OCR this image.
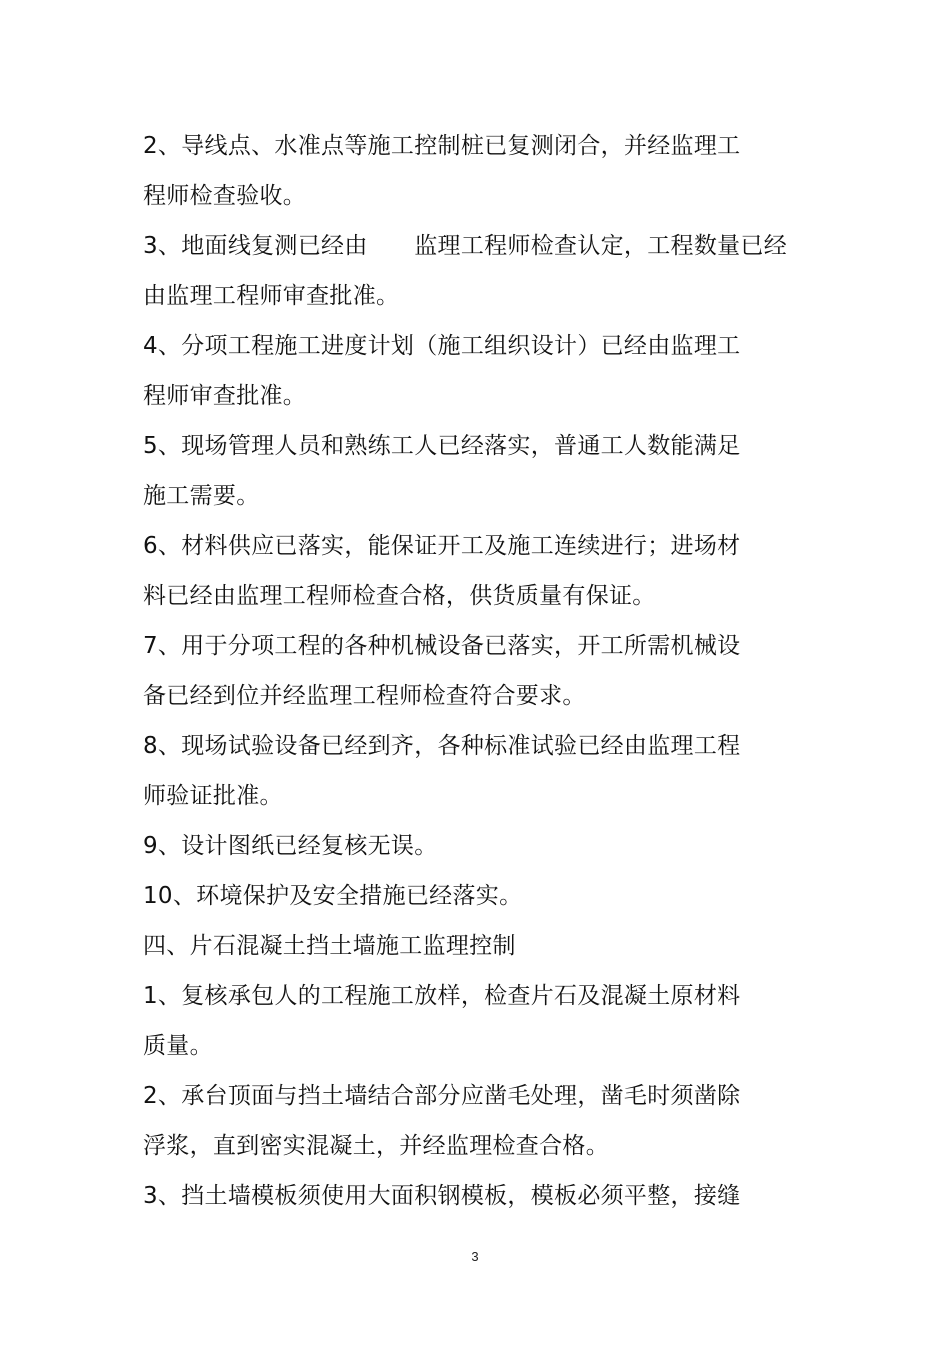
2、导线点、水准点等施工控制桩已复测闭合，并经监理工
程师检查验收。
3、地面线复测已经由　　监理工程师检查认定，工程数量已经
由监理工程师审查批准。
4、分项工程施工进度计划（施工组织设计）已经由监理工
程师审查批准。
5、现场管理人员和熟练工人已经落实，普通工人数能满足
施工需要。
6、材料供应已落实，能保证开工及施工连续进行；进场材
料已经由监理工程师检查合格，供货质量有保证。
7、用于分项工程的各种机械设备已落实，开工所需机械设
备已经到位并经监理工程师检查符合要求。
8、现场试验设备已经到齐，各种标准试验已经由监理工程
师验证批准。
9、设计图纸已经复核无误。
10、环境保护及安全措施已经落实。
四、片石混凝土挡土墙施工监理控制
1、复核承包人的工程施工放样，检查片石及混凝土原材料
质量。
2、承台顶面与挡土墙结合部分应凿毛处理，凿毛时须凿除
浮浆，直到密实混凝土，并经监理检查合格。
3、挡土墙模板须使用大面积钢模板，模板必须平整，接缝
3
